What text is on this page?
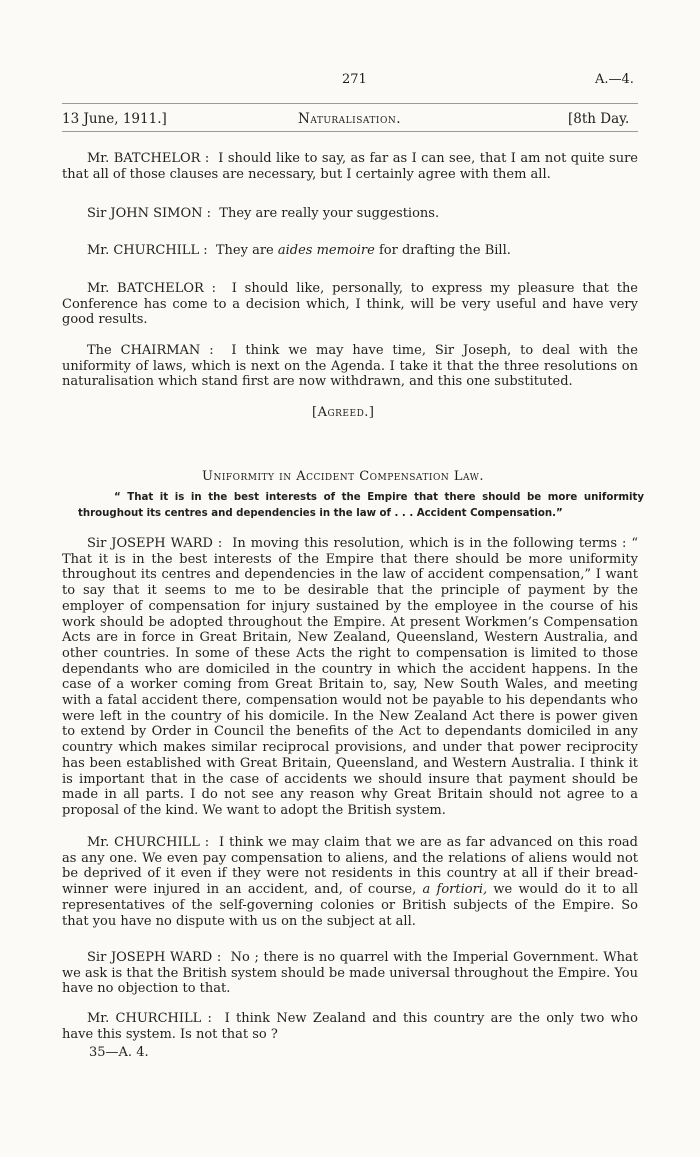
271	A.—4.
13 June, 1911.]	Naturalisation.	[8th Day.

Mr. BATCHELOR : I should like to say, as far as I can see, that I am not quite sure that all of those clauses are necessary, but I certainly agree with them all.

Sir JOHN SIMON : They are really your suggestions.

Mr. CHURCHILL : They are aides memoire for drafting the Bill.

Mr. BATCHELOR : I should like, personally, to express my pleasure that the Conference has come to a decision which, I think, will be very useful and have very good results.

The CHAIRMAN : I think we may have time, Sir Joseph, to deal with the uniformity of laws, which is next on the Agenda. I take it that the three resolutions on naturalisation which stand first are now withdrawn, and this one substituted.

[Agreed.]
Uniformity in Accident Compensation Law.

“ That it is in the best interests of the Empire that there should be more uniformity throughout its centres and dependencies in the law of . . . Accident Compensation.”

Sir JOSEPH WARD : In moving this resolution, which is in the following terms : “ That it is in the best interests of the Empire that there should be more uniformity throughout its centres and dependencies in the law of accident compensation,” I want to say that it seems to me to be desirable that the principle of payment by the employer of compensation for injury sustained by the employee in the course of his work should be adopted throughout the Empire. At present Workmen’s Compensation Acts are in force in Great Britain, New Zealand, Queensland, Western Australia, and other countries. In some of these Acts the right to compensation is limited to those dependants who are domiciled in the country in which the accident happens. In the case of a worker coming from Great Britain to, say, New South Wales, and meeting with a fatal accident there, compensation would not be payable to his dependants who were left in the country of his domicile. In the New Zealand Act there is power given to extend by Order in Council the benefits of the Act to dependants domiciled in any country which makes similar reciprocal provisions, and under that power reciprocity has been established with Great Britain, Queensland, and Western Australia. I think it is important that in the case of accidents we should insure that payment should be made in all parts. I do not see any reason why Great Britain should not agree to a proposal of the kind. We want to adopt the British system.

Mr. CHURCHILL : I think we may claim that we are as far advanced on this road as any one. We even pay compensation to aliens, and the relations of aliens would not be deprived of it even if they were not residents in this country at all if their bread-winner were injured in an accident, and, of course, a fortiori, we would do it to all representatives of the self-governing colonies or British subjects of the Empire. So that you have no dispute with us on the subject at all.

Sir JOSEPH WARD : No ; there is no quarrel with the Imperial Government. What we ask is that the British system should be made universal throughout the Empire. You have no objection to that.

Mr. CHURCHILL : I think New Zealand and this country are the only two who have this system. Is not that so ?

35—A. 4.
